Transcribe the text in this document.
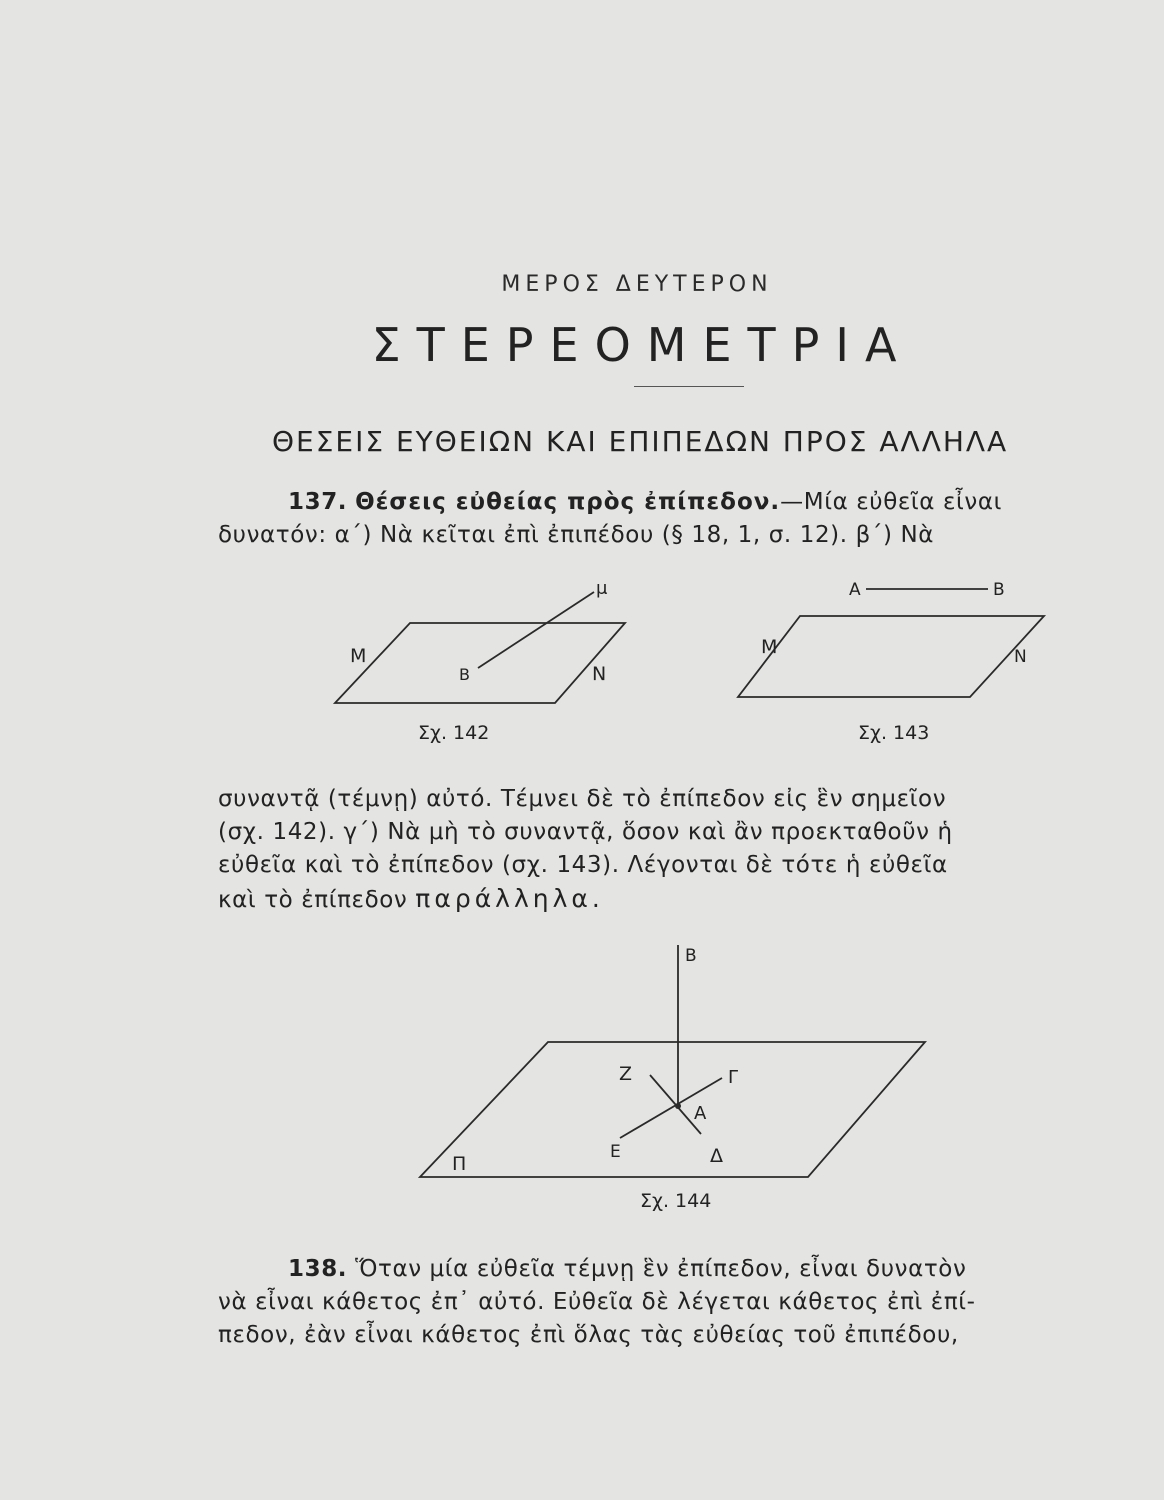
ΜΕΡΟΣ ΔΕΥΤΕΡΟΝ
ΣΤΕΡΕΟΜΕΤΡΙΑ
ΘΕΣΕΙΣ ΕΥΘΕΙΩΝ ΚΑΙ ΕΠΙΠΕΔΩΝ ΠΡΟΣ ΑΛΛΗΛΑ
137. Θέσεις εὐθείας πρὸς ἐπίπεδον.—Μία εὐθεῖα εἶναι
δυνατόν: α΄) Νὰ κεῖται ἐπὶ ἐπιπέδου (§ 18, 1, σ. 12). β΄) Νὰ
μ
Μ
Β	Ν
Α	Β
Μ	Ν
Σχ. 142	Σχ. 143
συναντᾷ (τέμνῃ) αὐτό. Τέμνει δὲ τὸ ἐπίπεδον εἰς ἓν σημεῖον
(σχ. 142). γ΄) Νὰ μὴ τὸ συναντᾷ, ὅσον καὶ ἂν προεκταθοῦν ἡ
εὐθεῖα καὶ τὸ ἐπίπεδον (σχ. 143). Λέγονται δὲ τότε ἡ εὐθεῖα
καὶ τὸ ἐπίπεδον παράλληλα.
Β
Ζ	Γ
Α
Ε	Δ
Π
Σχ. 144
138. Ὅταν μία εὐθεῖα τέμνῃ ἓν ἐπίπεδον, εἶναι δυνατὸν
νὰ εἶναι κάθετος ἐπ᾽ αὐτό. Εὐθεῖα δὲ λέγεται κάθετος ἐπὶ ἐπί-
πεδον, ἐὰν εἶναι κάθετος ἐπὶ ὅλας τὰς εὐθείας τοῦ ἐπιπέδου,
